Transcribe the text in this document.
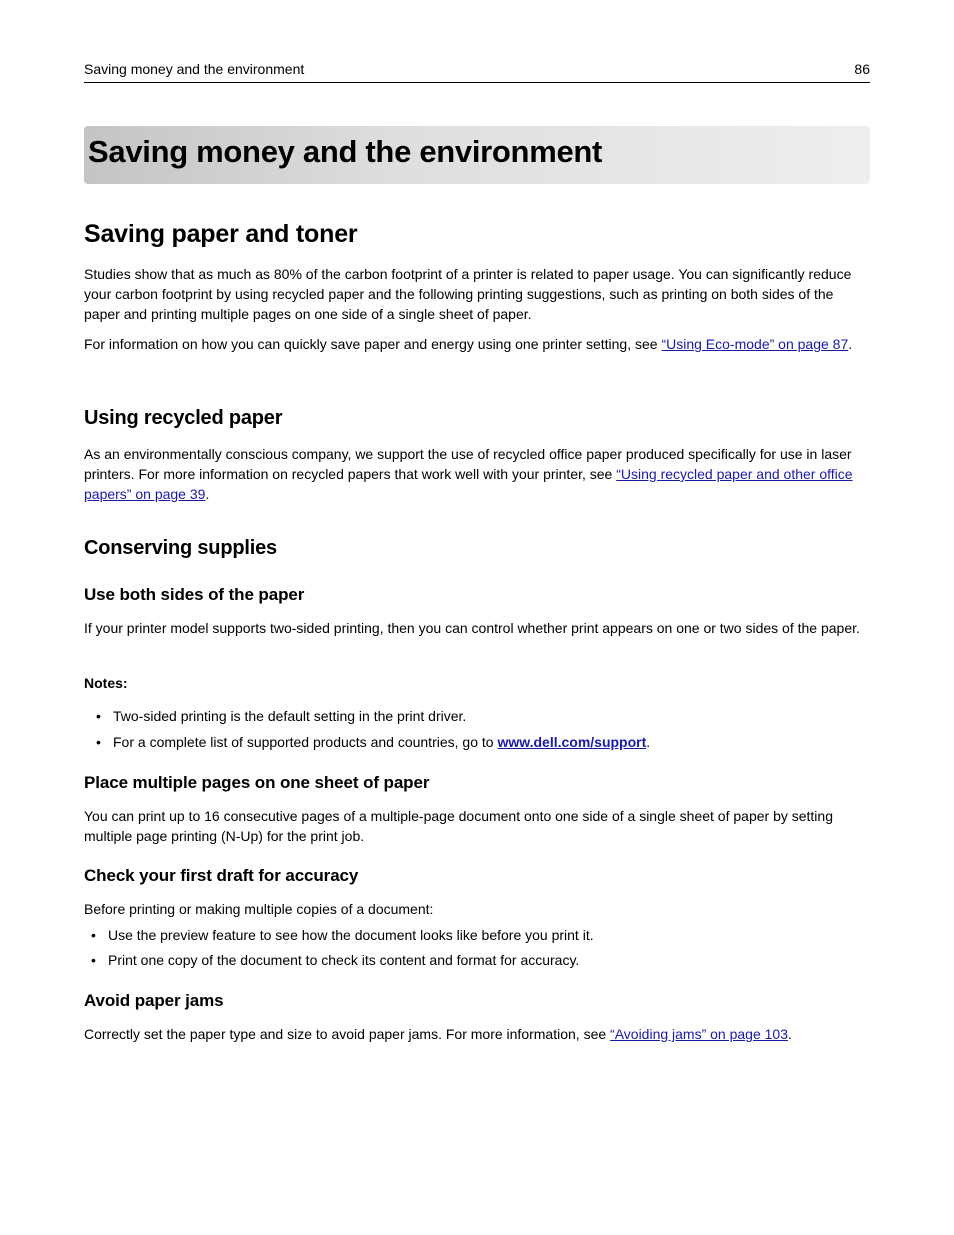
Saving money and the environment	86
Saving money and the environment
Saving paper and toner

Studies show that as much as 80% of the carbon footprint of a printer is related to paper usage. You can significantly reduce your carbon footprint by using recycled paper and the following printing suggestions, such as printing on both sides of the paper and printing multiple pages on one side of a single sheet of paper.

For information on how you can quickly save paper and energy using one printer setting, see “Using Eco‑mode” on page 87.

Using recycled paper

As an environmentally conscious company, we support the use of recycled office paper produced specifically for use in laser printers. For more information on recycled papers that work well with your printer, see “Using recycled paper and other office papers” on page 39.

Conserving supplies
Use both sides of the paper

If your printer model supports two‑sided printing, then you can control whether print appears on one or two sides of the paper.

Notes:
• Two‑sided printing is the default setting in the print driver.
• For a complete list of supported products and countries, go to www.dell.com/support.
Place multiple pages on one sheet of paper

You can print up to 16 consecutive pages of a multiple‑page document onto one side of a single sheet of paper by setting multiple page printing (N‑Up) for the print job.

Check your first draft for accuracy

Before printing or making multiple copies of a document:

• Use the preview feature to see how the document looks like before you print it.
• Print one copy of the document to check its content and format for accuracy.
Avoid paper jams

Correctly set the paper type and size to avoid paper jams. For more information, see “Avoiding jams” on page 103.
